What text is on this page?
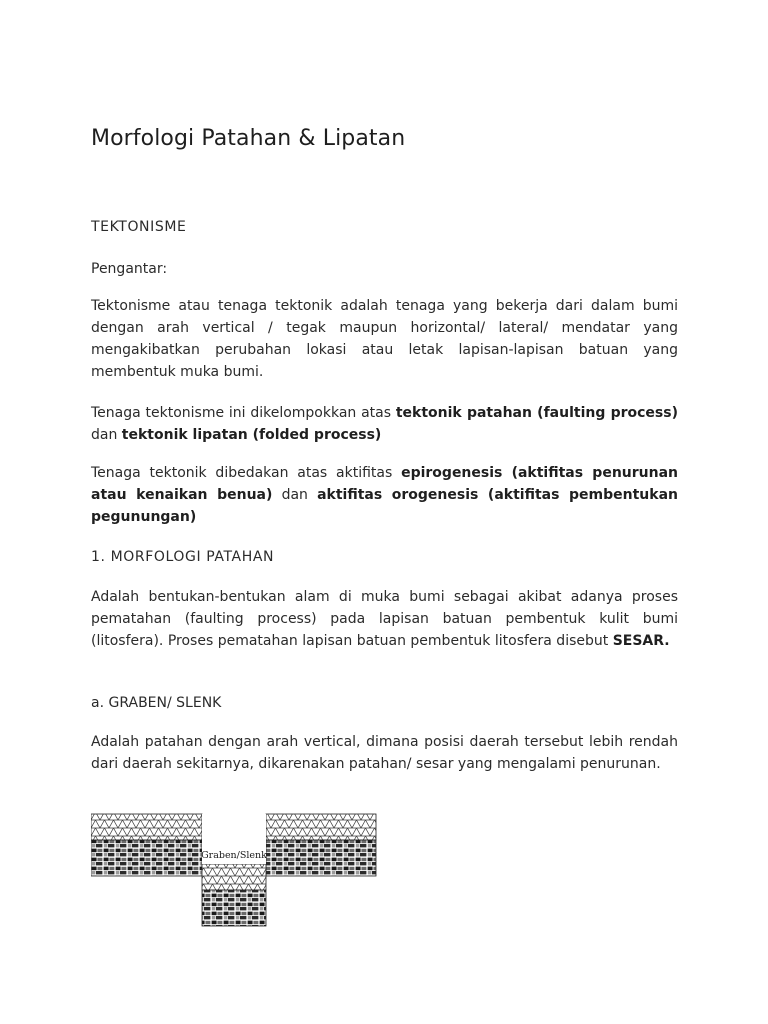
Morfologi Patahan & Lipatan

TEKTONISME

Pengantar:

Tektonisme atau tenaga tektonik adalah tenaga yang bekerja dari dalam bumi dengan arah vertical / tegak maupun horizontal/ lateral/ mendatar yang mengakibatkan perubahan lokasi atau letak lapisan-lapisan batuan yang membentuk muka bumi.

Tenaga tektonisme ini dikelompokkan atas tektonik patahan (faulting process) dan tektonik lipatan (folded process)

Tenaga tektonik dibedakan atas aktifitas epirogenesis (aktifitas penurunan atau kenaikan benua) dan aktifitas orogenesis (aktifitas pembentukan pegunungan)

1. MORFOLOGI PATAHAN

Adalah bentukan-bentukan alam di muka bumi sebagai akibat adanya proses pematahan (faulting process) pada lapisan batuan pembentuk kulit bumi (litosfera). Proses pematahan lapisan batuan pembentuk litosfera disebut SESAR.

a. GRABEN/ SLENK

Adalah patahan dengan arah vertical, dimana posisi daerah tersebut lebih rendah dari daerah sekitarnya, dikarenakan patahan/ sesar yang mengalami penurunan.

Graben/Slenk
